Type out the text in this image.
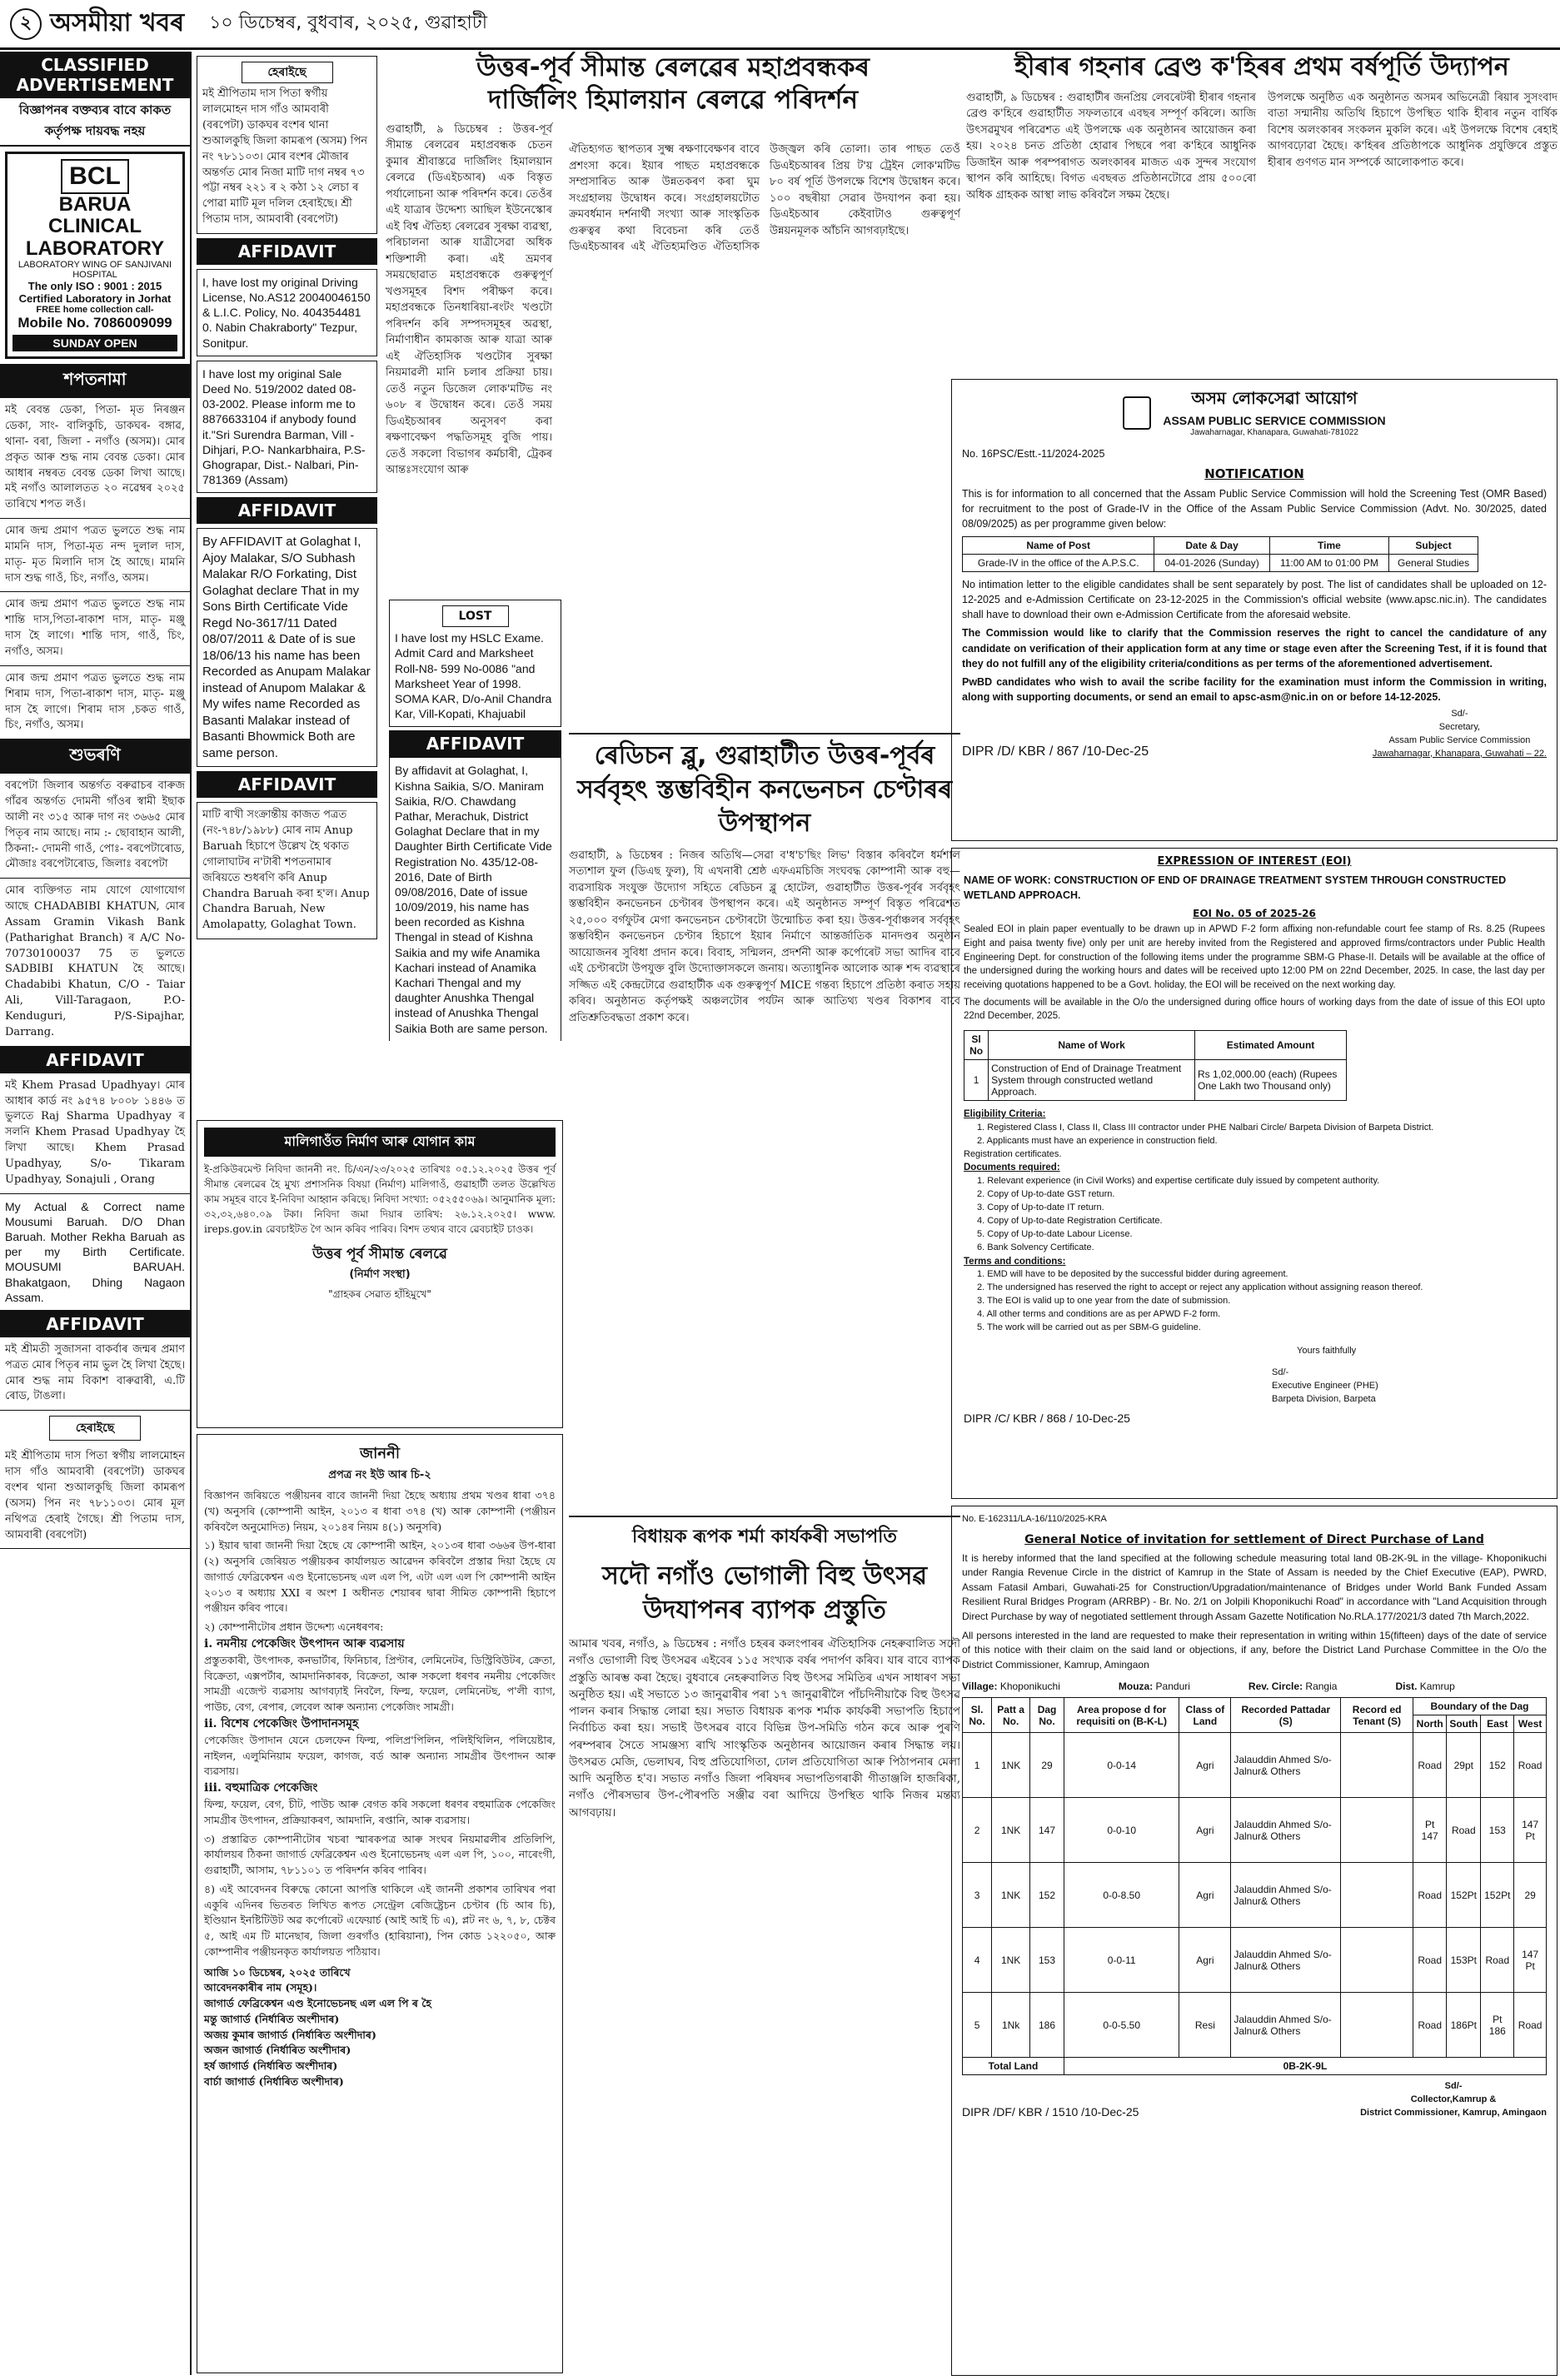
২ অসমীয়া খবৰ ১০ ডিচেম্বৰ, বুধবাৰ, ২০২৫, গুৱাহাটী
CLASSIFIED ADVERTISEMENT
বিজ্ঞাপনৰ বক্তব্যৰ বাবে কাকত কৰ্তৃপক্ষ দায়বদ্ধ নহয়
BCL
BARUA CLINICAL LABORATORY
LABORATORY WING OF SANJIVANI HOSPITAL
The only ISO : 9001 : 2015 Certified Laboratory in Jorhat
FREE home collection call-
Mobile No. 7086009099
SUNDAY OPEN
শপতনামা
মই বেবন্ত ডেকা, পিতা- মৃত নিৰঞ্জন ডেকা, সাং- বালিকুচি, ডাকঘৰ- বঙ্গাৱ, থানা- বৰা, জিলা - নগাঁও (অসম)। মোৰ প্ৰকৃত আৰু শুদ্ধ নাম বেবন্ত ডেকা। মোৰ আধাৰ নম্বৰত বেবন্ত ডেকা লিখা আছে। মই নগাঁও আলালতত ২০ নৱেম্বৰ ২০২৫ তাৰিখে শপত লওঁ।
মোৰ জন্ম প্ৰমাণ পত্ৰত ভুলতে শুদ্ধ নাম মামনি দাস, পিতা-মৃত নন্দ দুলাল দাস, মাতৃ- মৃত মিলানি দাস হৈ আছে। মামনি দাস শুদ্ধ গাওঁ, চিং, নগাঁও, অসম।
মোৰ জন্ম প্ৰমাণ পত্ৰত ভুলতে শুদ্ধ নাম শান্তি দাস,পিতা-ৰাকাশ দাস, মাতৃ- মঞ্জু দাস হৈ লাগে। শান্তি দাস, গাওঁ, চিং, নগাঁও, অসম।
মোৰ জন্ম প্ৰমাণ পত্ৰত ভুলতে শুদ্ধ নাম শিৰাম দাস, পিতা-ৰাকাশ দাস, মাতৃ- মঞ্জু দাস হৈ লাগে। শিৰাম দাস ,চকত গাওঁ, চিং, নগাঁও, অসম।
শুভৰণি
বৰপেটা জিলাৰ অন্তৰ্গত বৰুৱাচৰ বাৰুজ গাঁৱৰ অন্তৰ্গত দোমনী গাঁওৰ স্বামী ইছাক আলী নং ৩১৫ আৰু দাগ নং ৩৬৬৫ মোৰ পিতৃৰ নাম আছে। নাম :- ছোবাহান আলী, ঠিকনা:- দোমনী গাওঁ, পোঃ- বৰপেটাৰোড, মৌজাঃ বৰপেটাৰোড, জিলাঃ বৰপেটা
মোৰ ব্যক্তিগত নাম যোগে যোগাযোগ আছে CHADABIBI KHATUN, মোৰ Assam Gramin Vikash Bank (Patharighat Branch) ৰ A/C No-70730100037 75 ত ভুলতে SADBIBI KHATUN হৈ আছে। Chadabibi Khatun, C/O - Taiar Ali, Vill-Taragaon, P.O- Kenduguri, P/S-Sipajhar, Darrang.
AFFIDAVIT
মই Khem Prasad Upadhyay। মোৰ আধাৰ কাৰ্ড নং ৯৫৭৪ ৮০০৮ ১৪৪৬ ত ভুলতে Raj Sharma Upadhyay ৰ সলনি Khem Prasad Upadhyay হৈ লিখা আছে। Khem Prasad Upadhyay, S/o- Tikaram Upadhyay, Sonajuli , Orang
My Actual & Correct name Mousumi Baruah. D/O Dhan Baruah. Mother Rekha Baruah as per my Birth Certificate. MOUSUMI BARUAH. Bhakatgaon, Dhing Nagaon Assam.
AFFIDAVIT
মই শ্ৰীমতী সুজাসনা বাকৰ্বাৰ জন্মৰ প্ৰমাণ পত্ৰত মোৰ পিতৃৰ নাম ভুল হৈ লিখা হৈছে। মোৰ শুদ্ধ নাম বিকাশ বাৰুৱাৰী, এ.টি ৰোড, টাঙলা।
হেৰাইছে
মই শ্ৰীপিতাম দাস পিতা স্বৰ্গীয় লালমোহন দাস গাঁও আমবাৰী (বৰপেটা) ডাকঘৰ বংশৰ থানা শুআলকুছি জিলা কামৰূপ (অসম) পিন নং ৭৮১১০৩। মোৰ মূল নথিপত্ৰ হেৰাই গৈছে। শ্ৰী পিতাম দাস, আমবাৰী (বৰপেটা)
হেৰাইছে
মই শ্ৰীপিতাম দাস পিতা স্বৰ্গীয় লালমোহন দাস গাঁও আমবাৰী (বৰপেটা) ডাকঘৰ বংশৰ থানা শুআলকুছি জিলা কামৰূপ (অসম) পিন নং ৭৮১১০৩। মোৰ বংশৰ মৌজাৰ অন্তৰ্গত মোৰ নিজা মাটি দাগ নম্বৰ ৭৩ পট্টা নম্বৰ ২২১ ৰ ২ কঠা ১২ লেচা ৰ পোৱা মাটি মূল দলিল হেৰাইছে। শ্ৰী পিতাম দাস, আমবাৰী (বৰপেটা)
AFFIDAVIT
I, have lost my original Driving License, No.AS12 20040046150 & L.I.C. Policy, No. 404354481 0. Nabin Chakraborty" Tezpur, Sonitpur.
I have lost my original Sale Deed No. 519/2002 dated 08-03-2002. Please inform me to 8876633104 if anybody found it."Sri Surendra Barman, Vill - Dihjari, P.O- Nankarbhaira, P.S-Ghograpar, Dist.- Nalbari, Pin-781369 (Assam)
AFFIDAVIT
By AFFIDAVIT at Golaghat I, Ajoy Malakar, S/O Subhash Malakar R/O Forkating, Dist Golaghat declare That in my Sons Birth Certificate Vide Regd No-3617/11 Dated 08/07/2011 & Date of is sue 18/06/13 his name has been Recorded as Anupam Malakar instead of Anupom Malakar & My wifes name Recorded as Basanti Malakar instead of Basanti Bhowmick Both are same person.
AFFIDAVIT
মাটি ৰাখী সংক্ৰান্তীয় কাজত পত্ৰত (নং-৭৪৮/১৯৮৮) মোৰ নাম Anup Baruah হিচাপে উল্লেখ হৈ থকাত গোলাঘাটৰ ন'টাৰী শপতনামাৰ জৰিয়তে শুধৰণি কৰি Anup Chandra Baruah কৰা হ'ল। Anup Chandra Baruah, New Amolapatty, Golaghat Town.
LOST
I have lost my HSLC Exame. Admit Card and Marksheet Roll-N8- 599 No-0086 "and Marksheet Year of 1998. SOMA KAR, D/o-Anil Chandra Kar, Vill-Kopati, Khajuabil
AFFIDAVIT
By affidavit at Golaghat, I, Kishna Saikia, S/O. Maniram Saikia, R/O. Chawdang Pathar, Merachuk, District Golaghat Declare that in my Daughter Birth Certificate Vide Registration No. 435/12-08-2016, Date of Birth 09/08/2016, Date of issue 10/09/2019, his name has been recorded as Kishna Thengal in stead of Kishna Saikia and my wife Anamika Kachari instead of Anamika Kachari Thengal and my daughter Anushka Thengal instead of Anushka Thengal Saikia Both are same person.
মালিগাওঁত নিৰ্মাণ আৰু যোগান কাম
ই-প্ৰকিউৰমেণ্ট নিবিদা জাননী নং. চি/এন/২৩/২০২৫ তাৰিখঃ ০৫.১২.২০২৫ উত্তৰ পূৰ্ব সীমান্ত ৰেলৱেৰ হৈ মুখ্য প্ৰশাসনিক বিষয়া (নিৰ্মাণ) মালিগাওঁ, গুৱাহাটী তলত উল্লেখিত কাম সমূহৰ বাবে ই-নিবিদা আহ্বান কৰিছে। নিবিদা সংখ্যা: ০৫২৫৫০৬৯। আনুমানিক মূল্য: ৩২,৩২,৬৪০.০৯ টকা। নিবিদা জমা দিয়াৰ তাৰিখ: ২৬.১২.২০২৫। www. ireps.gov.in ৱেবচাইটত গৈ আন কৰিব পাৰিব। বিশদ তথ্যৰ বাবে ৱেবচাইট চাওক।
উত্তৰ পূৰ্ব সীমান্ত ৰেলৱে
(নিৰ্মাণ সংস্থা)
"গ্ৰাহকৰ সেৱাত হাঁহিমুখে"
জাননী
প্ৰপত্ৰ নং ইউ আৰ চি-২
বিজ্ঞাপন জৰিয়তে পঞ্জীয়নৰ বাবে জাননী দিয়া হৈছে অধ্যায় প্ৰথম খণ্ডৰ ধাৰা ৩৭৪ (খ) অনুসৰি (কোম্পানী আইন, ২০১৩ ৰ ধাৰা ৩৭৪ (খ) আৰু কোম্পানী (পঞ্জীয়ন কৰিবলৈ অনুমোদিত) নিয়ম, ২০১৪ৰ নিয়ম ৪(১) অনুসৰি)
১) ইয়াৰ দ্বাৰা জাননী দিয়া হৈছে যে কোম্পানী আইন, ২০১৩ৰ ধাৰা ৩৬৬ৰ উপ-ধাৰা (২) অনুসৰি জেৰিয়ত পঞ্জীয়কৰ কাৰ্যালয়ত আৱেদন কৰিবলৈ প্ৰস্তাৱ দিয়া হৈছে যে জাগাৰ্ড ফেব্ৰিকেশ্বন এণ্ড ইনোভেচনছ এল এল পি, এটা এল এল পি কোম্পানী আইন ২০১৩ ৰ অধ্যায় XXI ৰ অংশ I অধীনত শেয়াৰৰ দ্বাৰা সীমিত কোম্পানী হিচাপে পঞ্জীয়ন কৰিব পাৰে।
২) কোম্পানীটোৰ প্ৰধান উদ্দেশ্য এনেধৰণৰ:
i. নমনীয় পেকেজিং উৎপাদন আৰু ব্যৱসায়
প্ৰস্তুতকাৰী, উৎপাদক, কনভাৰ্টাৰ, ফিনিচাৰ, প্ৰিণ্টাৰ, লেমিনেটৰ, ডিস্ট্ৰিবিউটৰ, ক্ৰেতা, বিক্ৰেতা, এক্সপৰ্টাৰ, আমদানিকাৰক, বিক্ৰেতা, আৰু সকলো ধৰণৰ নমনীয় পেকেজিং সামগ্ৰী এজেণ্ট ব্যৱসায় আগবঢ়াই নিবলৈ, ফিল্ম, ফয়েল, লেমিনেটছ, প'লী ব্যাগ, পাউচ, বেগ, ৰেপাৰ, লেবেল আৰু অন্যান্য পেকেজিং সামগ্ৰী।
ii. বিশেষ পেকেজিং উপাদানসমূহ
পেকেজিং উপাদান যেনে চেলফেন ফিল্ম, পলিপ্ৰ'পিলিন, পলিইথিলিন, পলিয়েষ্টাৰ, নাইলন, এলুমিনিয়াম ফয়েল, কাগজ, বৰ্ড আৰু অন্যান্য সামগ্ৰীৰ উৎপাদন আৰু ব্যৱসায়।
iii. বহুমাত্ৰিক পেকেজিং
ফিল্ম, ফয়েল, বেগ, চীট, পাউচ আৰু বেগত কৰি সকলো ধৰণৰ বহুমাত্ৰিক পেকেজিং সামগ্ৰীৰ উৎপাদন, প্ৰক্ৰিয়াকৰণ, আমদানি, ৰপ্তানি, আৰু ব্যৱসায়।
৩) প্ৰস্তাৱিত কোম্পানীটোৰ খচৰা স্মাৰকপত্ৰ আৰু সংঘৰ নিয়মাৱলীৰ প্ৰতিলিপি, কাৰ্যালয়ৰ ঠিকনা জাগাৰ্ড ফেব্ৰিকেশ্বন এণ্ড ইনোভেচনছ এল এল পি, ১০০, নাৰেংগী, গুৱাহাটী, আসাম, ৭৮১১০১ ত পৰিদৰ্শন কৰিব পাৰিব।
৪) এই আবেদনৰ বিৰুদ্ধে কোনো আপত্তি থাকিলে এই জাননী প্ৰকাশৰ তাৰিখৰ পৰা একুৰি এদিনৰ ভিতৰত লিখিত ৰূপত সেন্ট্ৰেল ৰেজিষ্ট্ৰেচন চেণ্টাৰ (চি আৰ চি), ইণ্ডিয়ান ইনষ্টিটিউট অৱ কৰ্পোৰেট এফেয়াৰ্চ (আই আই চি এ), প্লট নং ৬, ৭, ৮, চেক্টৰ ৫, আই এম টি মানেছাৰ, জিলা গুৰগাঁও (হাৰিয়ানা), পিন কোড ১২২০৫০, আৰু কোম্পানীৰ পঞ্জীয়নকৃত কাৰ্যালয়ত পঠিয়াব।
আজি ১০ ডিচেম্বৰ, ২০২৫ তাৰিখে
আবেদনকাৰীৰ নাম (সমূহ)।
জাগাৰ্ড ফেব্ৰিকেশ্বন এণ্ড ইনোভেচনছ এল এল পি ৰ হৈ
মন্তু জাগাৰ্ড (নিৰ্ধাৰিত অংশীদাৰ)
অজয় কুমাৰ জাগাৰ্ড (নিৰ্ধাৰিত অংশীদাৰ)
অজন জাগাৰ্ড (নিৰ্ধাৰিত অংশীদাৰ)
হৰ্ষ জাগাৰ্ড (নিৰ্ধাৰিত অংশীদাৰ)
বাৰ্চা জাগাৰ্ড (নিৰ্ধাৰিত অংশীদাৰ)
উত্তৰ-পূৰ্ব সীমান্ত ৰেলৱেৰ মহাপ্ৰবন্ধকৰ
দাৰ্জিলিং হিমালয়ান ৰেলৱে পৰিদৰ্শন
গুৱাহাটী, ৯ ডিচেম্বৰ : উত্তৰ-পূৰ্ব সীমান্ত ৰেলৱেৰ মহাপ্ৰবন্ধক চেতন কুমাৰ শ্ৰীবাস্তৱে দাৰ্জিলিং হিমালয়ান ৰেলৱে (ডিএইচআৰ) এক বিস্তৃত পৰ্যালোচনা আৰু পৰিদৰ্শন কৰে। তেওঁৰ এই যাত্ৰাৰ উদ্দেশ্য আছিল ইউনেস্কোৰ এই বিশ্ব ঐতিহ্য ৰেলৱেৰ সুৰক্ষা ব্যৱস্থা, পৰিচালনা আৰু যাত্ৰীসেৱা অধিক শক্তিশালী কৰা। এই ভ্ৰমণৰ সময়ছোৱাত মহাপ্ৰবন্ধকে গুৰুত্বপূৰ্ণ খণ্ডসমূহৰ বিশদ পৰীক্ষণ কৰে। মহাপ্ৰবন্ধকে তিনধাৰিয়া-ৰংটং খণ্ডটো পৰিদৰ্শন কৰি সম্পদসমূহৰ অৱস্থা, নিৰ্মাণাধীন কামকাজ আৰু যাত্ৰা আৰু এই ঐতিহাসিক খণ্ডটোৰ সুৰক্ষা নিয়মাৱলী মানি চলাৰ প্ৰক্ৰিয়া চায়। তেওঁ নতুন ডিজেল লোক'মটিভ নং ৬০৮ ৰ উদ্বোধন কৰে। তেওঁ সময় ডিএইচআৰৰ অনুসৰণ কৰা ৰক্ষণাবেক্ষণ পদ্ধতিসমূহ বুজি পায়। তেওঁ সকলো বিভাগৰ কৰ্মচাৰী, ট্ৰেকৰ আন্তঃসংযোগ আৰু
ঐতিহ্যগত স্থাপত্যৰ সুক্ষ্ম ৰক্ষণাবেক্ষণৰ বাবে প্ৰশংসা কৰে। ইয়াৰ পাছত মহাপ্ৰবন্ধকে সম্প্ৰসাৰিত আৰু উন্নতকৰণ কৰা ঘুম সংগ্ৰহালয় উদ্বোধন কৰে। সংগ্ৰহালয়টোত ক্ৰমবৰ্ধমান দৰ্শনাৰ্থী সংখ্যা আৰু সাংস্কৃতিক গুৰুত্বৰ কথা বিবেচনা কৰি তেওঁ ডিএইচআৰৰ এই ঐতিহ্যমণ্ডিত ঐতিহাসিক উজ্জ্বল কৰি তোলা। তাৰ পাছত তেওঁ ডিএইচআৰৰ প্ৰিয় ট'য় ট্ৰেইন লোক'মটিভ ৮০ বৰ্ষ পূৰ্তি উপলক্ষে বিশেষ উদ্বোধন কৰে। ১০০ বছৰীয়া সেৱাৰ উদযাপন কৰা হয়। ডিএইচআৰ কেইবাটাও গুৰুত্বপূৰ্ণ উন্নয়নমূলক আঁচনি আগবঢ়াইছে।
ৰেডিচন ব্লু, গুৱাহাটীত উত্তৰ-পূৰ্বৰ সৰ্ববৃহৎ স্তম্ভবিহীন কনভেনচন চেণ্টাৰৰ উপস্থাপন
গুৱাহাটী, ৯ ডিচেম্বৰ : নিজৰ অতিথি—সেৱা ব'ধ'চ'ছিং লিভ' বিস্তাৰ কৰিবলৈ ধৰ্মশাল সত্যশাল ফুল (ডিএছ ফুল), যি এখনাৰী শ্ৰেষ্ঠ এফএমচিজি সংঘবদ্ধ কোম্পানী আৰু বহু—ব্যৱসায়িক সংযুক্ত উদ্যোগ সহিতে ৰেডিচন ব্লু হোটেল, গুৱাহাটীত উত্তৰ-পূৰ্বৰ সৰ্ববৃহৎ স্তম্ভবিহীন কনভেনচন চেণ্টাৰৰ উপস্থাপন কৰে। এই অনুষ্ঠানত সম্পূৰ্ণ বিস্তৃত পৰিৱেশত ২৫,০০০ বৰ্গফুটৰ মেগা কনভেনচন চেণ্টাৰটো উন্মোচিত কৰা হয়। উত্তৰ-পূৰ্বাঞ্চলৰ সৰ্ববৃহৎ স্তম্ভবিহীন কনভেনচন চেণ্টাৰ হিচাপে ইয়াৰ নিৰ্মাণে আন্তৰ্জাতিক মানদণ্ডৰ অনুষ্ঠান আয়োজনৰ সুবিধা প্ৰদান কৰে। বিবাহ, সন্মিলন, প্ৰদৰ্শনী আৰু কৰ্পোৰেট সভা আদিৰ বাবে এই চেণ্টাৰটো উপযুক্ত বুলি উদ্যোক্তাসকলে জনায়। অত্যাধুনিক আলোক আৰু শব্দ ব্যৱস্থাৰে সজ্জিত এই কেন্দ্ৰটোৱে গুৱাহাটীক এক গুৰুত্বপূৰ্ণ MICE গন্তব্য হিচাপে প্ৰতিষ্ঠা কৰাত সহায় কৰিব। অনুষ্ঠানত কৰ্তৃপক্ষই অঞ্চলটোৰ পৰ্যটন আৰু আতিথ্য খণ্ডৰ বিকাশৰ বাবে প্ৰতিশ্ৰুতিবদ্ধতা প্ৰকাশ কৰে।
বিধায়ক ৰূপক শৰ্মা কাৰ্যকৰী সভাপতি
সদৌ নগাঁও ভোগালী বিহু উৎসৱ উদযাপনৰ ব্যাপক প্ৰস্তুতি
আমাৰ খবৰ, নগাঁও, ৯ ডিচেম্বৰ : নগাঁও চহৰৰ কলংপাৰৰ ঐতিহাসিক নেহৰুবালিত সদৌ নগাঁও ভোগালী বিহু উৎসৱৰ এইবেৰ ১১৫ সংখ্যক বৰ্ষৰ পদাৰ্পণ কৰিব। যাৰ বাবে ব্যাপক প্ৰস্তুতি আৰম্ভ কৰা হৈছে। বুধবাৰে নেহৰুবালিত বিহু উৎসৱ সমিতিৰ এখন সাধাৰণ সভা অনুষ্ঠিত হয়। এই সভাতে ১৩ জানুৱাৰীৰ পৰা ১৭ জানুৱাৰীলৈ পাঁচদিনীয়াকৈ বিহু উৎসৱ পালন কৰাৰ সিদ্ধান্ত লোৱা হয়। সভাত বিধায়ক ৰূপক শৰ্মাক কাৰ্যকৰী সভাপতি হিচাপে নিৰ্বাচিত কৰা হয়। সভাই উৎসৱৰ বাবে বিভিন্ন উপ-সমিতি গঠন কৰে আৰু পুৰণি পৰম্পৰাৰ সৈতে সামঞ্জস্য ৰাখি সাংস্কৃতিক অনুষ্ঠানৰ আয়োজন কৰাৰ সিদ্ধান্ত লয়। উৎসৱত মেজি, ভেলাঘৰ, বিহু প্ৰতিযোগিতা, ঢোল প্ৰতিযোগিতা আৰু পিঠাপনাৰ মেলা আদি অনুষ্ঠিত হ'ব। সভাত নগাঁও জিলা পৰিষদৰ সভাপতিগৰাকী গীতাঞ্জলি হাজৰিকা, নগাঁও পৌৰসভাৰ উপ-পৌৰপতি সঞ্জীৱ বৰা আদিয়ে উপস্থিত থাকি নিজৰ মন্তব্য আগবঢ়ায়।
হীৰাৰ গহনাৰ ব্ৰেণ্ড ক'হিৰৰ প্ৰথম বৰ্ষপূৰ্তি উদ্যাপন
গুৱাহাটী, ৯ ডিচেম্বৰ : গুৱাহাটীৰ জনপ্ৰিয় লেবৰেটৰী হীৰাৰ গহনাৰ ব্ৰেণ্ড ক'হিৰে গুৱাহাটীত সফলতাৰে এবছৰ সম্পূৰ্ণ কৰিলে। আজি উৎসৱমুখৰ পৰিৱেশত এই উপলক্ষে এক অনুষ্ঠানৰ আয়োজন কৰা হয়। ২০২৪ চনত প্ৰতিষ্ঠা হোৱাৰ পিছৰে পৰা ক'হিৰে আধুনিক ডিজাইন আৰু পৰম্পৰাগত অলংকাৰৰ মাজত এক সুন্দৰ সংযোগ স্থাপন কৰি আহিছে। বিগত এবছৰত প্ৰতিষ্ঠানটোৱে প্ৰায় ৫০০ৰো অধিক গ্ৰাহকক আস্থা লাভ কৰিবলৈ সক্ষম হৈছে।
উপলক্ষে অনুষ্ঠিত এক অনুষ্ঠানত অসমৰ অভিনেত্ৰী ৰিয়াৰ সুসংবাদ বাতা সন্মানীয় অতিথি হিচাপে উপস্থিত থাকি হীৰাৰ নতুন বাৰ্ষিক বিশেষ অলংকাৰৰ সংকলন মুকলি কৰে। এই উপলক্ষে বিশেষ ৰেহাই আগবঢ়োৱা হৈছে। ক'হিৰৰ প্ৰতিষ্ঠাপকে আধুনিক প্ৰযুক্তিৰে প্ৰস্তুত হীৰাৰ গুণগত মান সম্পৰ্কে আলোকপাত কৰে।
অসম লোকসেৱা আয়োগ
ASSAM PUBLIC SERVICE COMMISSION
Jawaharnagar, Khanapara, Guwahati-781022
No. 16PSC/Estt.-11/2024-2025
NOTIFICATION
This is for information to all concerned that the Assam Public Service Commission will hold the Screening Test (OMR Based) for recruitment to the post of Grade-IV in the Office of the Assam Public Service Commission (Advt. No. 30/2025, dated 08/09/2025) as per programme given below:
Name of Post	Date & Day	Time	Subject
Grade-IV in the office of the A.P.S.C.	04-01-2026 (Sunday)	11:00 AM to 01:00 PM	General Studies
No intimation letter to the eligible candidates shall be sent separately by post. The list of candidates shall be uploaded on 12-12-2025 and e-Admission Certificate on 23-12-2025 in the Commission's official website (www.apsc.nic.in). The candidates shall have to download their own e-Admission Certificate from the aforesaid website.
The Commission would like to clarify that the Commission reserves the right to cancel the candidature of any candidate on verification of their application form at any time or stage even after the Screening Test, if it is found that they do not fulfill any of the eligibility criteria/conditions as per terms of the aforementioned advertisement.
PwBD candidates who wish to avail the scribe facility for the examination must inform the Commission in writing, along with supporting documents, or send an email to apsc-asm@nic.in on or before 14-12-2025.
DIPR /D/ KBR / 867 /10-Dec-25
Sd/-
Secretary,
Assam Public Service Commission
Jawaharnagar, Khanapara, Guwahati – 22.
EXPRESSION OF INTEREST (EOI)
NAME OF WORK: CONSTRUCTION OF END OF DRAINAGE TREATMENT SYSTEM THROUGH CONSTRUCTED WETLAND APPROACH.
EOI No. 05 of 2025-26
Sealed EOI in plain paper eventually to be drawn up in APWD F-2 form affixing non-refundable court fee stamp of Rs. 8.25 (Rupees Eight and paisa twenty five) only per unit are hereby invited from the Registered and approved firms/contractors under Public Health Engineering Dept. for construction of the following items under the programme SBM-G Phase-II. Details will be available at the office of the undersigned during the working hours and dates will be received upto 12:00 PM on 22nd December, 2025. In case, the last day per receiving quotations happened to be a Govt. holiday, the EOI will be received on the next working day.
The documents will be available in the O/o the undersigned during office hours of working days from the date of issue of this EOI upto 22nd December, 2025.
Sl No	Name of Work	Estimated Amount
1	Construction of End of Drainage Treatment System through constructed wetland Approach.	Rs 1,02,000.00 (each) (Rupees One Lakh two Thousand only)
Eligibility Criteria:
1. Registered Class I, Class II, Class III contractor under PHE Nalbari Circle/ Barpeta Division of Barpeta District.
2. Applicants must have an experience in construction field.
Registration certificates.
Documents required:
1. Relevant experience (in Civil Works) and expertise certificate duly issued by competent authority.
2. Copy of Up-to-date GST return.
3. Copy of Up-to-date IT return.
4. Copy of Up-to-date Registration Certificate.
5. Copy of Up-to-date Labour License.
6. Bank Solvency Certificate.
Terms and conditions:
1. EMD will have to be deposited by the successful bidder during agreement.
2. The undersigned has reserved the right to accept or reject any application without assigning reason thereof.
3. The EOI is valid up to one year from the date of submission.
4. All other terms and conditions are as per APWD F-2 form.
5. The work will be carried out as per SBM-G guideline.
Yours faithfully
Sd/-
Executive Engineer (PHE)
Barpeta Division, Barpeta
DIPR /C/ KBR / 868 / 10-Dec-25
No. E-162311/LA-16/110/2025-KRA
General Notice of invitation for settlement of Direct Purchase of Land
It is hereby informed that the land specified at the following schedule measuring total land 0B-2K-9L in the village- Khoponikuchi under Rangia Revenue Circle in the district of Kamrup in the State of Assam is needed by the Chief Executive (EAP), PWRD, Assam Fatasil Ambari, Guwahati-25 for Construction/Upgradation/maintenance of Bridges under World Bank Funded Assam Resilient Rural Bridges Program (ARRBP) - Br. No. 2/1 on Jolpili Khoponikuchi Road" in accordance with "Land Acquisition through Direct Purchase by way of negotiated settlement through Assam Gazette Notification No.RLA.177/2021/3 dated 7th March,2022.
All persons interested in the land are requested to make their representation in writing within 15(fifteen) days of the date of service of this notice with their claim on the said land or objections, if any, before the District Land Purchase Committee in the O/o the District Commissioner, Kamrup, Amingaon
Village: Khoponikuchi	Mouza: Panduri	Rev. Circle: Rangia	Dist. Kamrup
Sl. No.	Patt a No.	Dag No.	Area propose d for requisiti on (B-K-L)	Class of Land	Recorded Pattadar (S)	Record ed Tenant (S)	Boundary of the Dag			
							North	South	East	West
1	1NK	29	0-0-14	Agri	Jalauddin Ahmed S/o-Jalnur& Others		Road	29pt	152	Road
2	1NK	147	0-0-10	Agri	Jalauddin Ahmed S/o-Jalnur& Others		Pt 147	Road	153	147 Pt
3	1NK	152	0-0-8.50	Agri	Jalauddin Ahmed S/o-Jalnur& Others		Road	152Pt	152Pt	29
4	1NK	153	0-0-11	Agri	Jalauddin Ahmed S/o-Jalnur& Others		Road	153Pt	Road	147 Pt
5	1Nk	186	0-0-5.50	Resi	Jalauddin Ahmed S/o-Jalnur& Others		Road	186Pt	Pt 186	Road
Total Land			0B-2K-9L							
DIPR /DF/ KBR / 1510 /10-Dec-25
Sd/-
Collector,Kamrup &
District Commissioner, Kamrup, Amingaon
